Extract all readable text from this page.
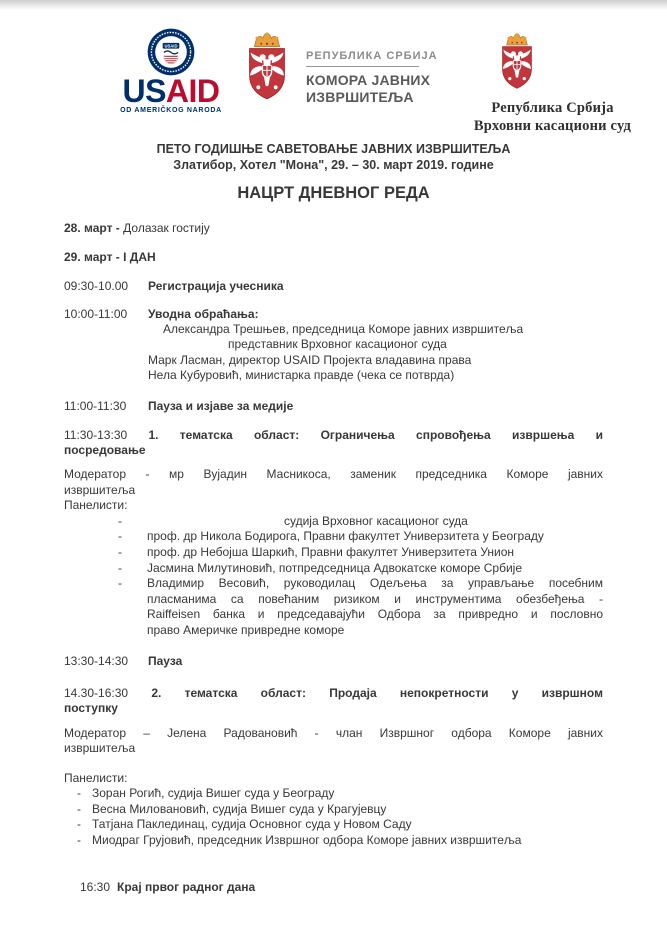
USAID
USAID
OD AMERIČKOG NARODA
РЕПУБЛИКА СРБИЈА
КОМОРА ЈАВНИХ
ИЗВРШИТЕЉА
Република Србија
Врховни касациони суд
ПЕТО ГОДИШЊЕ САВЕТОВАЊЕ ЈАВНИХ ИЗВРШИТЕЉА
Златибор, Хотел "Мона", 29. – 30. март 2019. године
НАЦРТ ДНЕВНОГ РЕДА
28. март - Долазак гостију
29. март - I ДАН
09:30-10.00	Регистрација учесника
10:00-11:00	Уводна обраћања:
Александра Трешњев, председница Коморе јавних извршитеља
представник Врховног касационог суда
Марк Ласман, директор USAID Пројекта владавина права
Нела Кубуровић, министарка правде (чека се потврда)
11:00-11:30	Пауза и изјаве за медије
11:30-13:30 1. тематска област: Ограничења спровођења извршења и
посредовање
Модератор - мр Вујадин Масникоса, заменик председника Коморе јавних
извршитеља
Панелисти:
-	судија Врховног касационог суда
-	проф. др Никола Бодирога, Правни факултет Универзитета у Београду
-	проф. др Небојша Шаркић, Правни факултет Универзитета Унион
-	Јасмина Милутиновић, потпредседница Адвокатске коморе Србије
-	Владимир Весовић, руководилац Одељења за управљање посебним
пласманима са повећаним ризиком и инструментима обезбеђења -
Raiffeisen банка и председавајући Одбора за привредно и пословно
право Америчке привредне коморе
13:30-14:30	Пауза
14.30-16:30 2. тематска област: Продаја непокретности у извршном
поступку
Модератор – Јелена Радовановић - члан Извршног одбора Коморе јавних
извршитеља
Панелисти:
- Зоран Рогић, судија Вишег суда у Београду
- Весна Миловановић, судија Вишег суда у Крагујевцу
- Татјана Паклединац, судија Основног суда у Новом Саду
- Миодраг Грујовић, председник Извршног одбора Коморе јавних извршитеља
16:30 Крај првог радног дана
